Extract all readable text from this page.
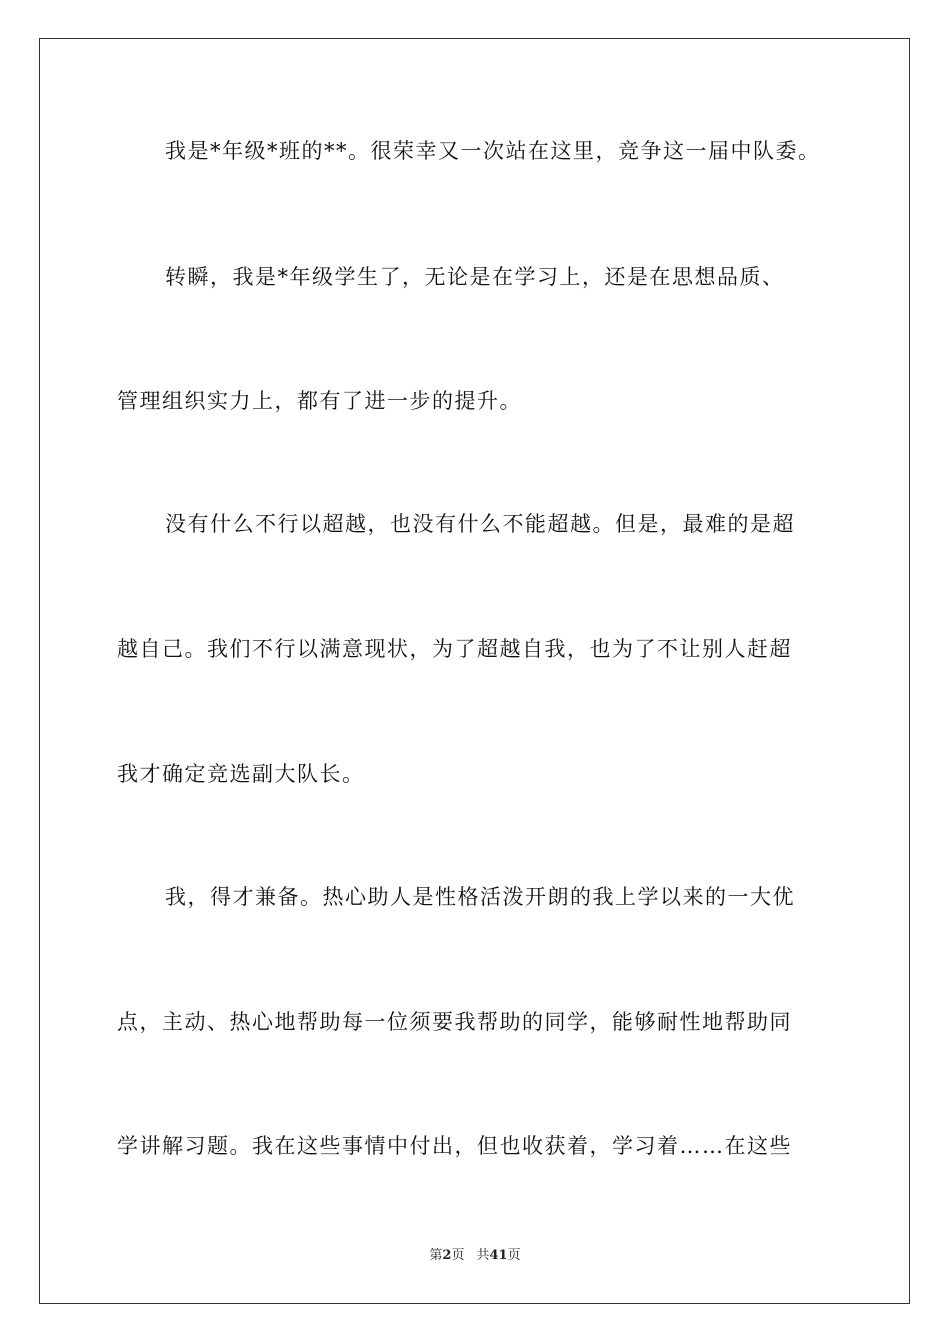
我是*年级*班的**。很荣幸又一次站在这里，竞争这一届中队委。
转瞬，我是*年级学生了，无论是在学习上，还是在思想品质、
管理组织实力上，都有了进一步的提升。
没有什么不行以超越，也没有什么不能超越。但是，最难的是超
越自己。我们不行以满意现状，为了超越自我，也为了不让别人赶超
我才确定竞选副大队长。
我，得才兼备。热心助人是性格活泼开朗的我上学以来的一大优
点，主动、热心地帮助每一位须要我帮助的同学，能够耐性地帮助同
学讲解习题。我在这些事情中付出，但也收获着，学习着……在这些
第2页 共41页
